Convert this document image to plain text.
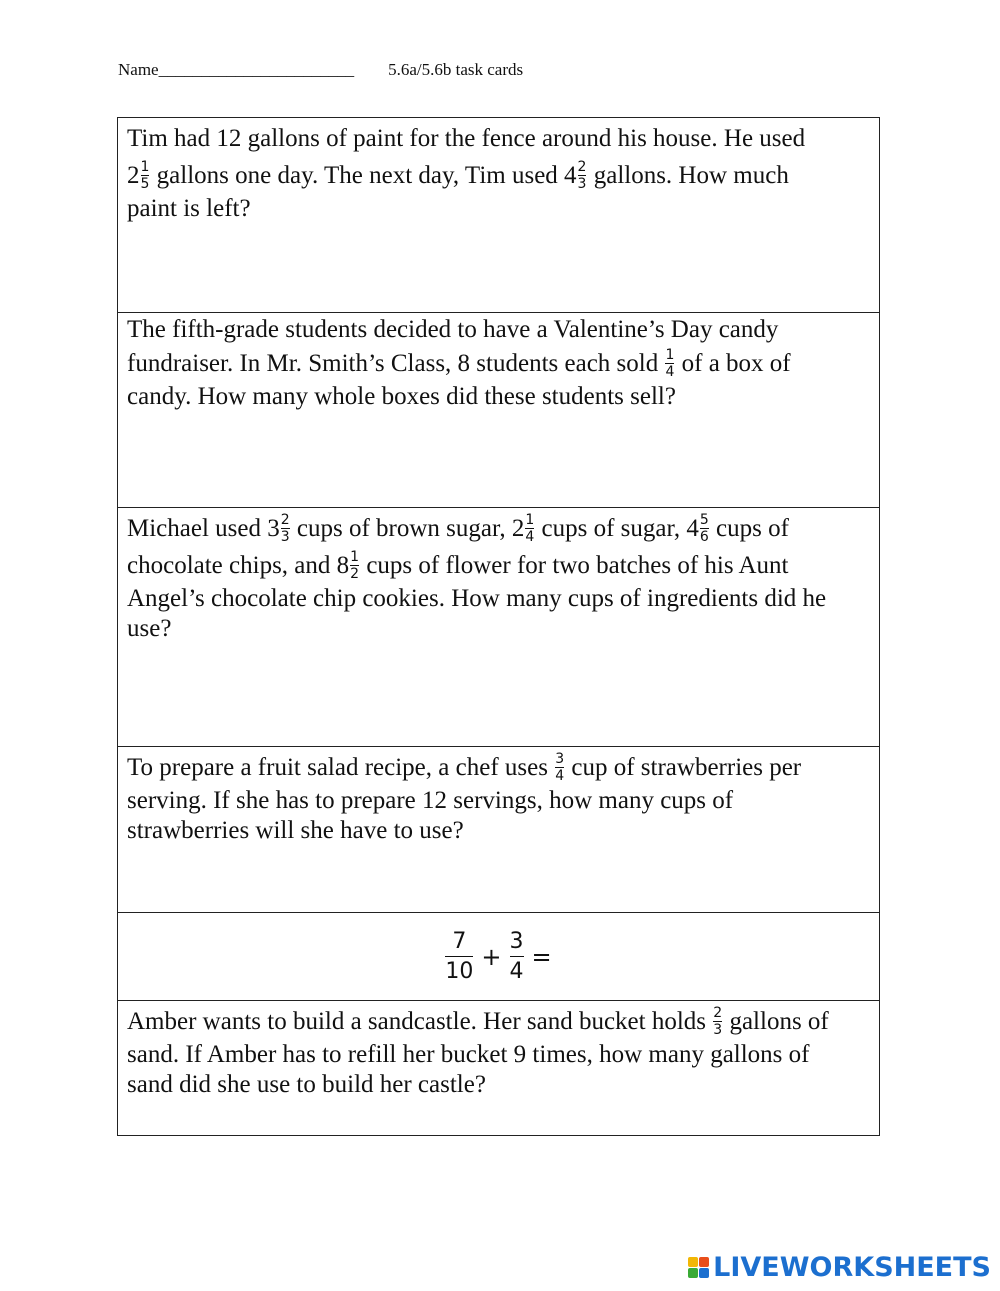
Name_______________________ 5.6a/5.6b task cards
Tim had 12 gallons of paint for the fence around his house. He used
$2 \frac{1}{5}$ gallons one day. The next day, Tim used $4 \frac{2}{3}$ gallons. How much
paint is left?
The fifth-grade students decided to have a Valentine’s Day candy
fundraiser. In Mr. Smith’s Class, 8 students each sold $\frac{1}{4}$ of a box of
candy. How many whole boxes did these students sell?
Michael used $3 \frac{2}{3}$ cups of brown sugar, $2 \frac{1}{4}$ cups of sugar, $4 \frac{5}{6}$ cups of
chocolate chips, and $8 \frac{1}{2}$ cups of flower for two batches of his Aunt
Angel’s chocolate chip cookies. How many cups of ingredients did he
use?
To prepare a fruit salad recipe, a chef uses $\frac{3}{4}$ cup of strawberries per
serving. If she has to prepare 12 servings, how many cups of
strawberries will she have to use?
7
10
+
3
4
=
Amber wants to build a sandcastle. Her sand bucket holds $\frac{2}{3}$ gallons of
sand. If Amber has to refill her bucket 9 times, how many gallons of
sand did she use to build her castle?
LIVEWORKSHEETS
